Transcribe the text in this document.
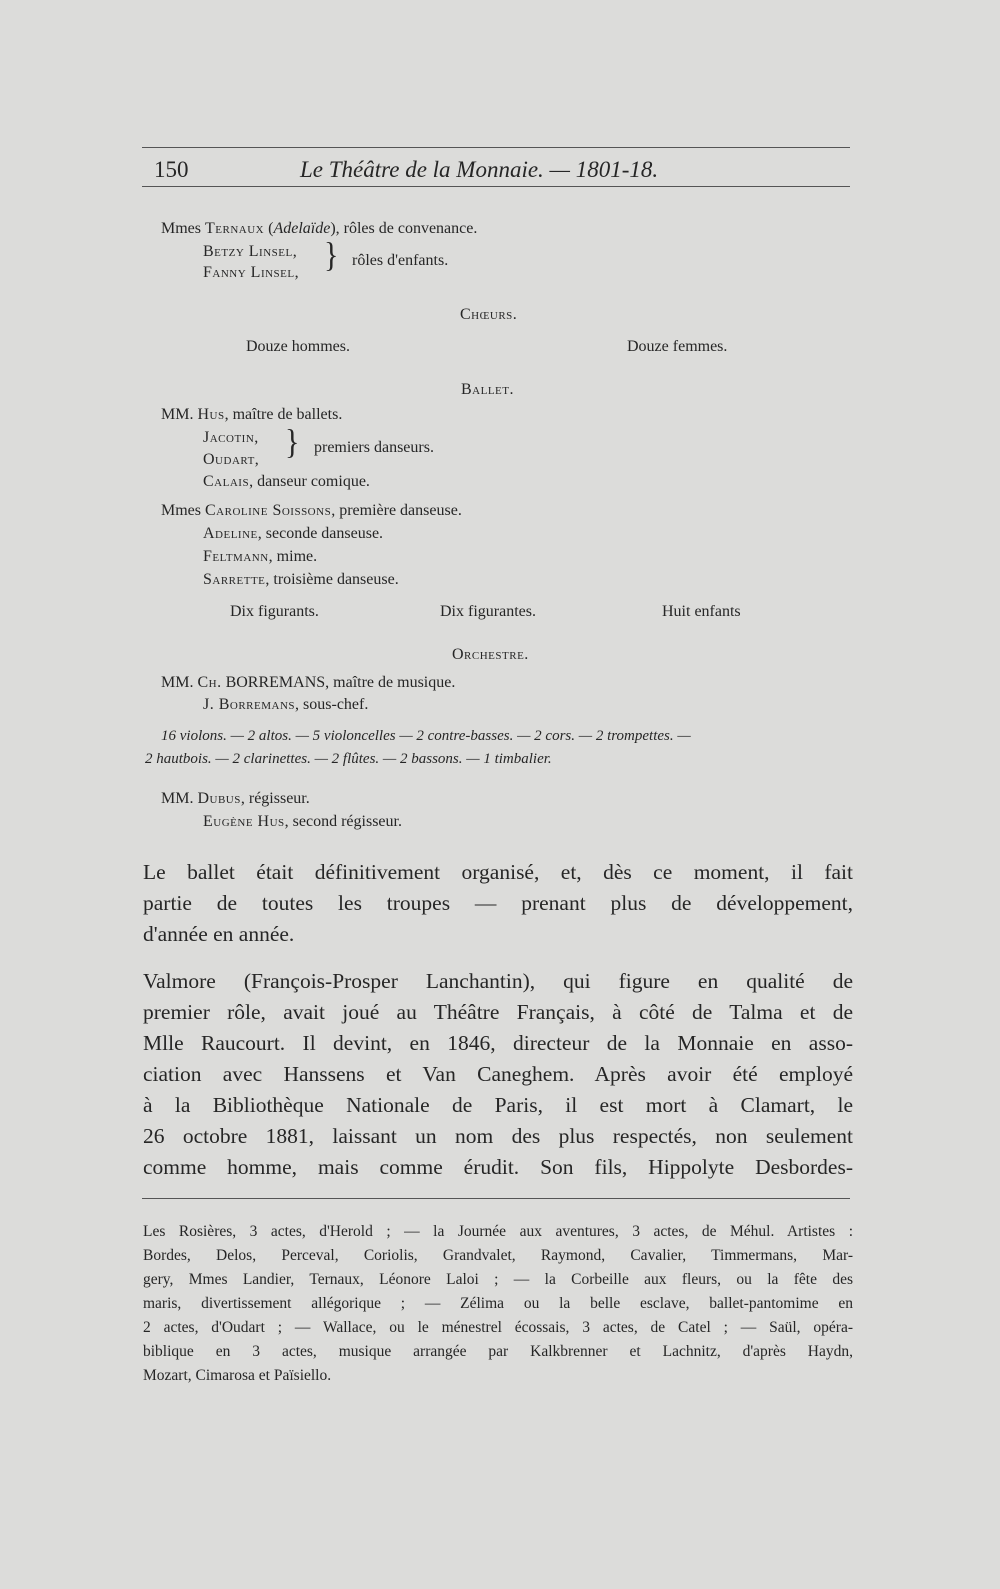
150	Le Théâtre de la Monnaie. — 1801-18.
Mmes Ternaux (Adelaïde), rôles de convenance.
Betzy Linsel,
Fanny Linsel, } rôles d'enfants.
Chœurs.
Douze hommes.	Douze femmes.
Ballet.
MM. Hus, maître de ballets.
Jacotin,
Oudart, } premiers danseurs.
Calais, danseur comique.
Mmes Caroline Soissons, première danseuse.
Adeline, seconde danseuse.
Feltmann, mime.
Sarrette, troisième danseuse.
Dix figurants.	Dix figurantes.	Huit enfants
Orchestre.
MM. Ch. BORREMANS, maître de musique.
J. Borremans, sous-chef.
16 violons. — 2 altos. — 5 violoncelles — 2 contre-basses. — 2 cors. — 2 trompettes. —
2 hautbois. — 2 clarinettes. — 2 flûtes. — 2 bassons. — 1 timbalier.
MM. Dubus, régisseur.
Eugène Hus, second régisseur.
Le ballet était définitivement organisé, et, dès ce moment, il fait
partie de toutes les troupes — prenant plus de développement,
d'année en année.
Valmore (François-Prosper Lanchantin), qui figure en qualité de
premier rôle, avait joué au Théâtre Français, à côté de Talma et de
Mlle Raucourt. Il devint, en 1846, directeur de la Monnaie en asso-
ciation avec Hanssens et Van Caneghem. Après avoir été employé
à la Bibliothèque Nationale de Paris, il est mort à Clamart, le
26 octobre 1881, laissant un nom des plus respectés, non seulement
comme homme, mais comme érudit. Son fils, Hippolyte Desbordes-
Les Rosières, 3 actes, d'Herold ; — la Journée aux aventures, 3 actes, de Méhul. Artistes :
Bordes, Delos, Perceval, Coriolis, Grandvalet, Raymond, Cavalier, Timmermans, Mar-
gery, Mmes Landier, Ternaux, Léonore Laloi ; — la Corbeille aux fleurs, ou la fête des
maris, divertissement allégorique ; — Zélima ou la belle esclave, ballet-pantomime en
2 actes, d'Oudart ; — Wallace, ou le ménestrel écossais, 3 actes, de Catel ; — Saül, opéra-
biblique en 3 actes, musique arrangée par Kalkbrenner et Lachnitz, d'après Haydn,
Mozart, Cimarosa et Païsiello.
